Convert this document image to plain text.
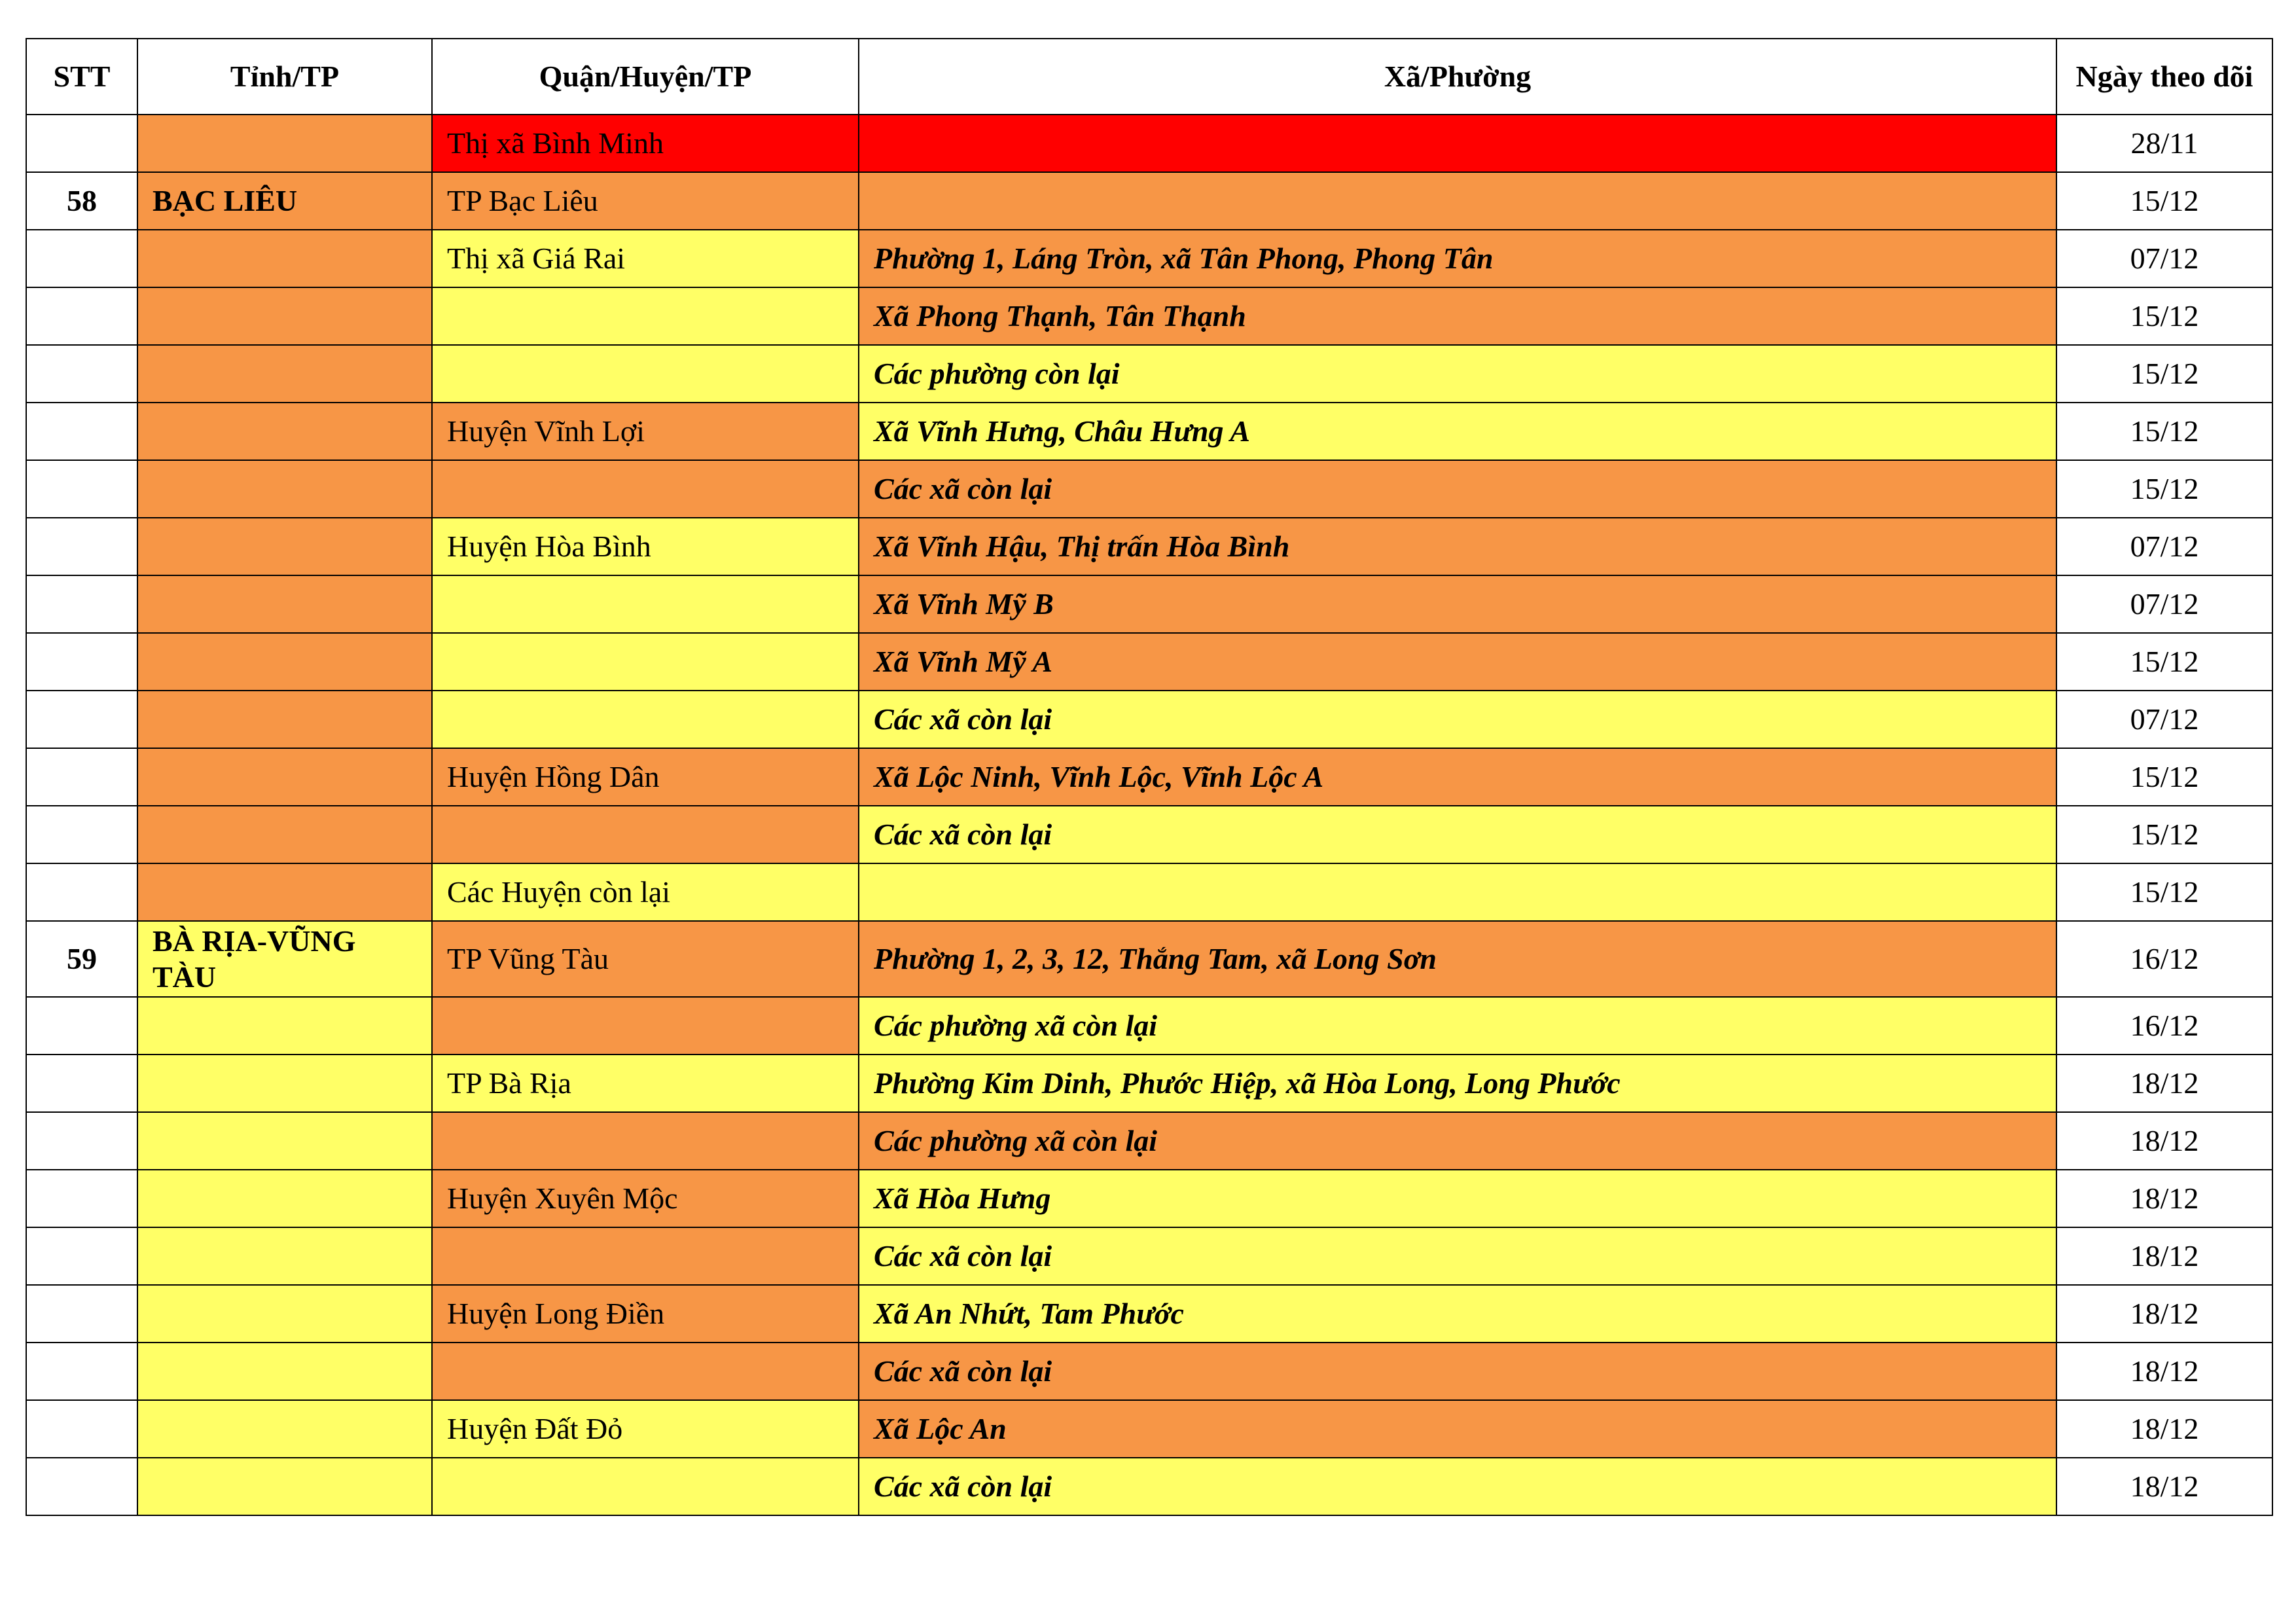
STT	Tỉnh/TP	Quận/Huyện/TP	Xã/Phường	Ngày theo dõi
		Thị xã Bình Minh		28/11
58	BẠC LIÊU	TP Bạc Liêu		15/12
		Thị xã Giá Rai	Phường 1, Láng Tròn, xã Tân Phong, Phong Tân	07/12
			Xã Phong Thạnh, Tân Thạnh	15/12
			Các phường còn lại	15/12
		Huyện Vĩnh Lợi	Xã Vĩnh Hưng, Châu Hưng A	15/12
			Các xã còn lại	15/12
		Huyện Hòa Bình	Xã Vĩnh Hậu, Thị trấn Hòa Bình	07/12
			Xã Vĩnh Mỹ B	07/12
			Xã Vĩnh Mỹ A	15/12
			Các xã còn lại	07/12
		Huyện Hồng Dân	Xã Lộc Ninh, Vĩnh Lộc, Vĩnh Lộc A	15/12
			Các xã còn lại	15/12
		Các Huyện còn lại		15/12
59	BÀ RỊA-VŨNG TÀU	TP Vũng Tàu	Phường 1, 2, 3, 12, Thắng Tam, xã Long Sơn	16/12
			Các phường xã còn lại	16/12
		TP Bà Rịa	Phường Kim Dinh, Phước Hiệp, xã Hòa Long, Long Phước	18/12
			Các phường xã còn lại	18/12
		Huyện Xuyên Mộc	Xã Hòa Hưng	18/12
			Các xã còn lại	18/12
		Huyện Long Điền	Xã An Nhứt, Tam Phước	18/12
			Các xã còn lại	18/12
		Huyện Đất Đỏ	Xã Lộc An	18/12
			Các xã còn lại	18/12
